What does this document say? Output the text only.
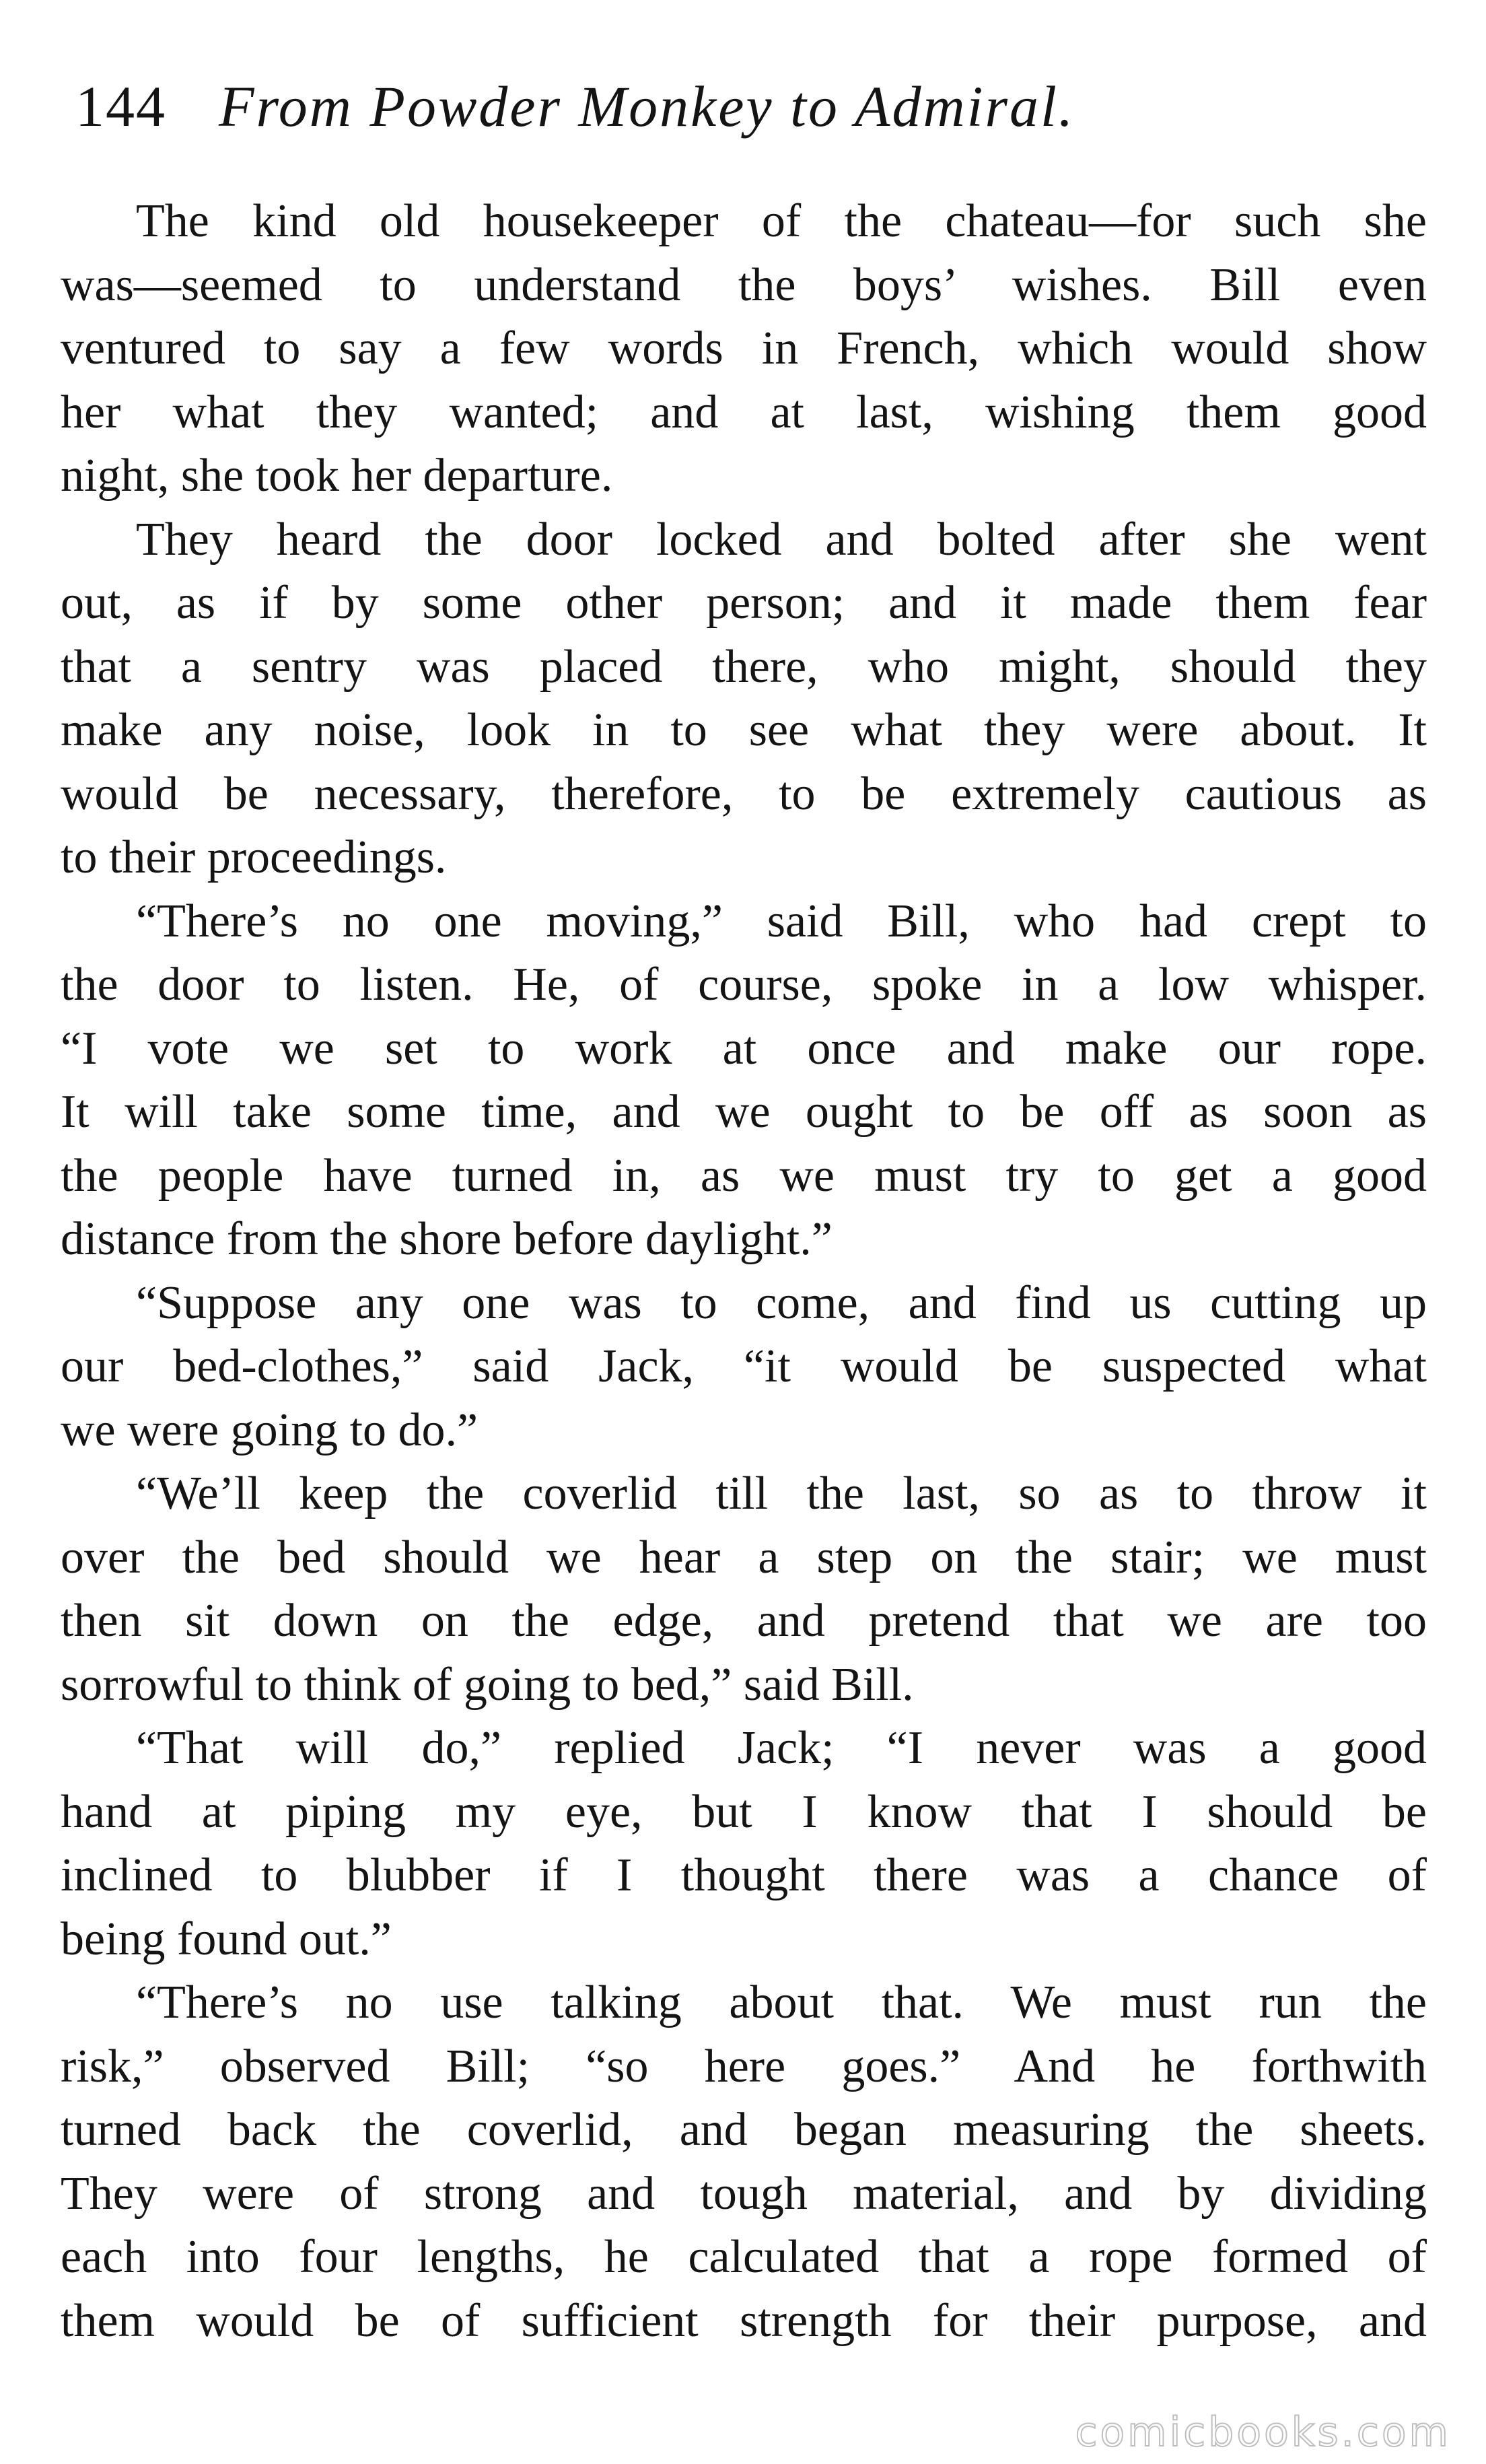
144 From Powder Monkey to Admiral.
The kind old housekeeper of the chateau—for such she
was—seemed to understand the boys’ wishes. Bill even
ventured to say a few words in French, which would show
her what they wanted; and at last, wishing them good
night, she took her departure.
They heard the door locked and bolted after she went
out, as if by some other person; and it made them fear
that a sentry was placed there, who might, should they
make any noise, look in to see what they were about. It
would be necessary, therefore, to be extremely cautious as
to their proceedings.
“There’s no one moving,” said Bill, who had crept to
the door to listen. He, of course, spoke in a low whisper.
“I vote we set to work at once and make our rope.
It will take some time, and we ought to be off as soon as
the people have turned in, as we must try to get a good
distance from the shore before daylight.”
“Suppose any one was to come, and find us cutting up
our bed-clothes,” said Jack, “it would be suspected what
we were going to do.”
“We’ll keep the coverlid till the last, so as to throw it
over the bed should we hear a step on the stair; we must
then sit down on the edge, and pretend that we are too
sorrowful to think of going to bed,” said Bill.
“That will do,” replied Jack; “I never was a good
hand at piping my eye, but I know that I should be
inclined to blubber if I thought there was a chance of
being found out.”
“There’s no use talking about that. We must run the
risk,” observed Bill; “so here goes.” And he forthwith
turned back the coverlid, and began measuring the sheets.
They were of strong and tough material, and by dividing
each into four lengths, he calculated that a rope formed of
them would be of sufficient strength for their purpose, and
comicbooks.com
